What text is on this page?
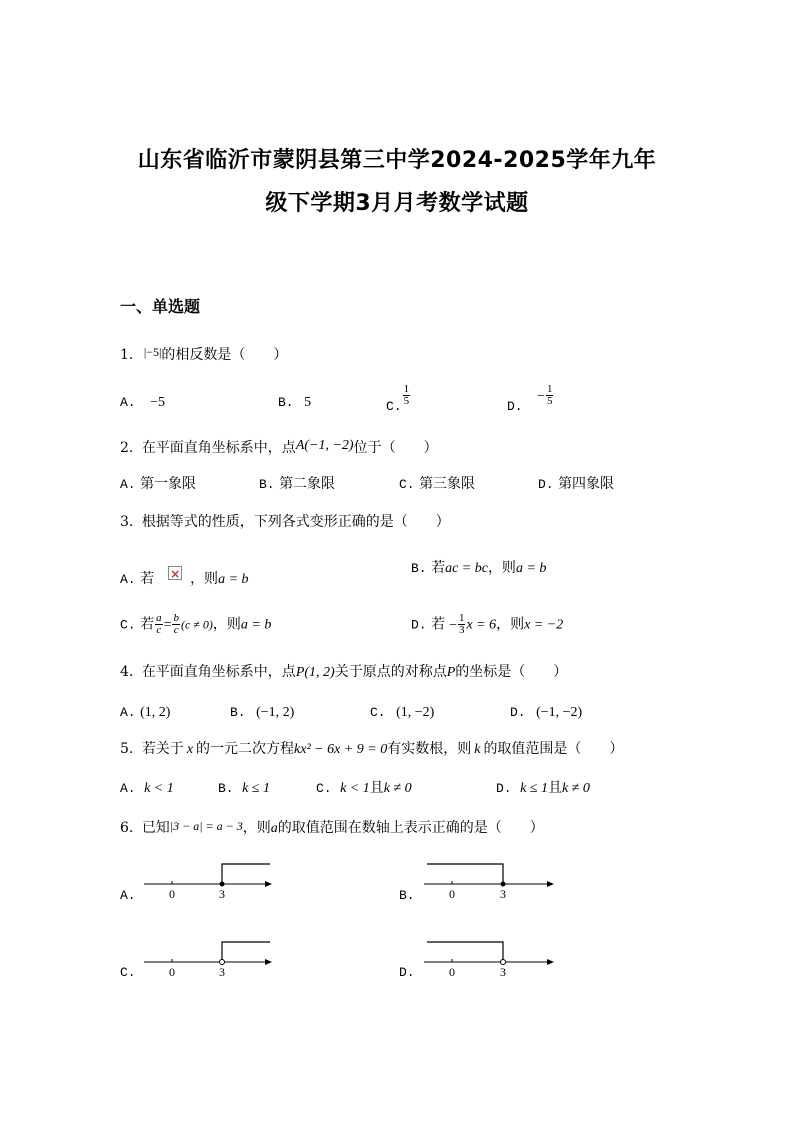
山东省临沂市蒙阴县第三中学2024-2025学年九年
级下学期3月月考数学试题
一、单选题
1. |−5|的相反数是（　　）
A. −5	B. 5	C. $\frac{1}{5}$	D. − $\frac{1}{5}$
2. 在平面直角坐标系中，点A(−1, −2)位于（　　）
A. 第一象限	B. 第二象限	C. 第三象限	D. 第四象限
3. 根据等式的性质，下列各式变形正确的是（　　）
A. 若×	，则a = b
B. 若ac = bc，则a = b
C. 若 $\frac{a}{c} = \frac{b}{c} (c \ne 0)$，则a = b	D. 若 − $\frac{1}{3}$ x = 6，则x = −2
4. 在平面直角坐标系中，点P(1, 2)关于原点的对称点P的坐标是（　　）
A. (1, 2)	B. (−1, 2)	C. (1, −2)	D. (−1, −2)
5. 若关于 x 的一元二次方程kx² − 6x + 9 = 0有实数根，则 k 的取值范围是（　　）
A. k < 1	B. k ≤ 1	C. k < 1且k ≠ 0	D. k ≤ 1且k ≠ 0
6. 已知|3 − a| = a − 3，则a的取值范围在数轴上表示正确的是（　　）
A.	B.
C.	D.
0	3	0	3
0	3	0	3
